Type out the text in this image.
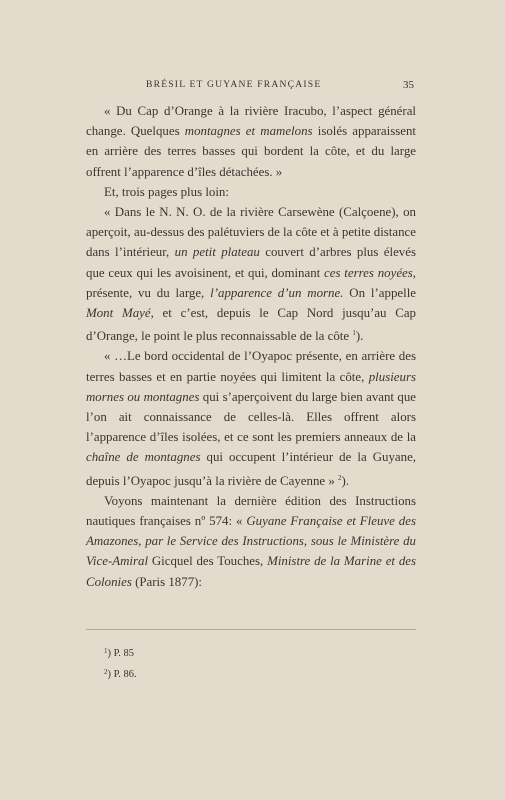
BRÉSIL ET GUYANE FRANÇAISE	35

« Du Cap d’Orange à la rivière Iracubo, l’aspect général change. Quelques montagnes et mamelons isolés apparaissent en arrière des terres basses qui bordent la côte, et du large offrent l’apparence d’îles détachées. »

Et, trois pages plus loin:

« Dans le N. N. O. de la rivière Carsewène (Calçoene), on aperçoit, au-dessus des palétuviers de la côte et à petite distance dans l’intérieur, un petit plateau couvert d’arbres plus élevés que ceux qui les avoisinent, et qui, dominant ces terres noyées, présente, vu du large, l’apparence d’un morne. On l’appelle Mont Mayé, et c’est, depuis le Cap Nord jusqu’au Cap d’Orange, le point le plus reconnaissable de la côte $^1$).

« …Le bord occidental de l’Oyapoc présente, en arrière des terres basses et en partie noyées qui limitent la côte, plusieurs mornes ou montagnes qui s’aperçoivent du large bien avant que l’on ait connaissance de celles-là. Elles offrent alors l’apparence d’îles isolées, et ce sont les premiers anneaux de la chaîne de montagnes qui occupent l’intérieur de la Guyane, depuis l’Oyapoc jusqu’à la rivière de Cayenne » $^2$).

Voyons maintenant la dernière édition des Instructions nautiques françaises nº 574: « Guyane Française et Fleuve des Amazones, par le Service des Instructions, sous le Ministère du Vice-Amiral Gicquel des Touches, Ministre de la Marine et des Colonies (Paris 1877):

$^1$) P. 85
$^2$) P. 86.
